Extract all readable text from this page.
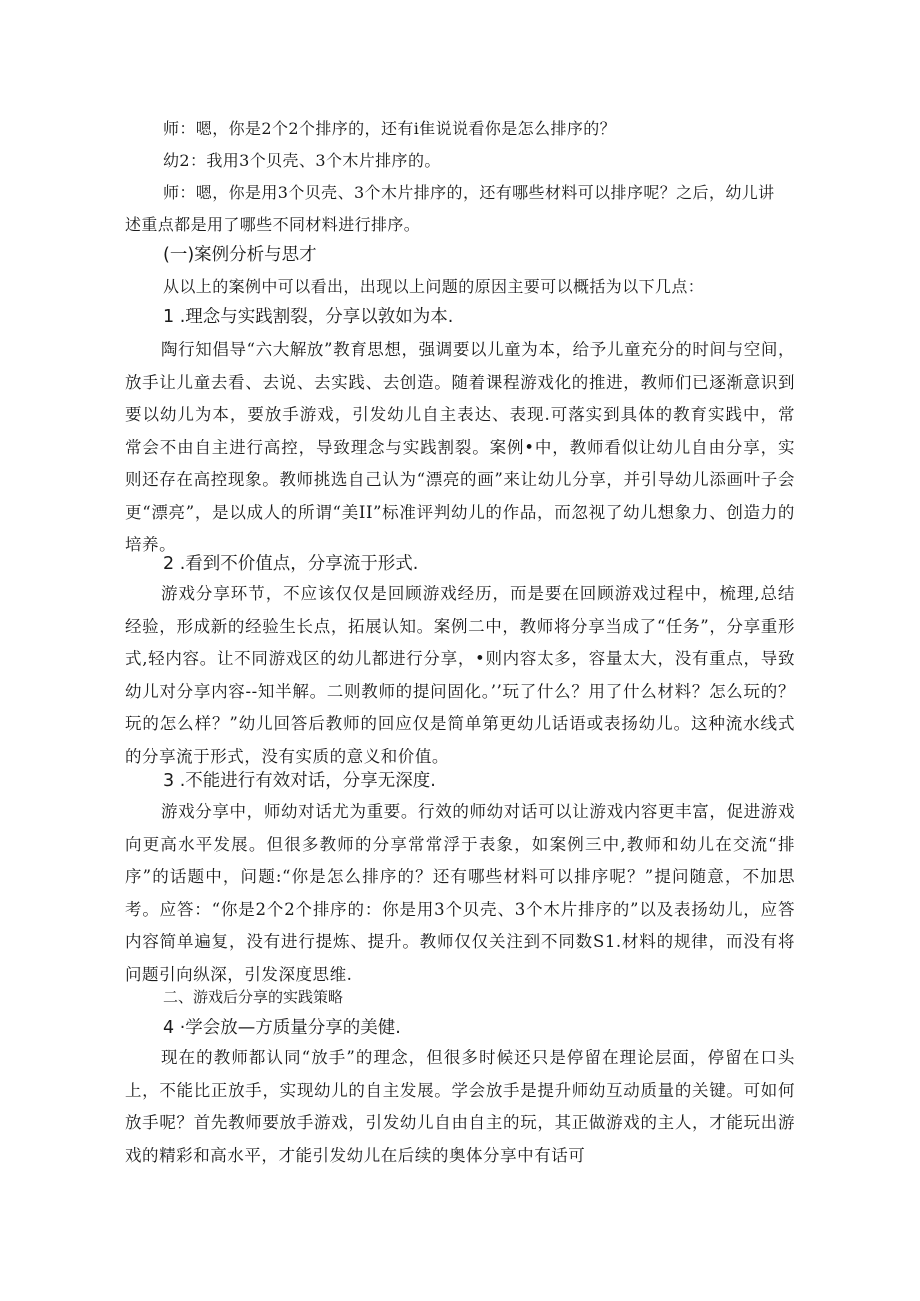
师：嗯，你是2个2个排序的，还有i隹说说看你是怎么排序的？

幼2：我用3个贝壳、3个木片排序的。

师：嗯，你是用3个贝壳、3个木片排序的，还有哪些材料可以排序呢？之后，幼儿讲

述重点都是用了哪些不同材料进行排序。

(一)案例分析与思才

从以上的案例中可以看出，出现以上问题的原因主要可以概括为以下几点：

1 .理念与实践割裂，分享以敦如为本.

陶行知倡导“六大解放”教育思想，强调要以儿童为本，给予儿童充分的时间与空间，放手让儿童去看、去说、去实践、去创造。随着课程游戏化的推进，教师们已逐渐意识到要以幼儿为本，要放手游戏，引发幼儿自主表达、表现.可落实到具体的教育实践中，常常会不由自主进行高控，导致理念与实践割裂。案例•中，教师看似让幼儿自由分享，实则还存在高控现象。教师挑选自己认为“漂亮的画”来让幼儿分享，并引导幼儿添画叶子会更“漂亮”，是以成人的所谓“美II”标准评判幼儿的作品，而忽视了幼儿想象力、创造力的培养。

2 .看到不价值点，分享流于形式.

游戏分享环节，不应该仅仅是回顾游戏经历，而是要在回顾游戏过程中，梳理,总结经验，形成新的经验生长点，拓展认知。案例二中，教师将分享当成了“任务”，分享重形式,轻内容。让不同游戏区的幼儿都进行分享，•则内容太多，容量太大，没有重点，导致幼儿对分享内容--知半解。二则教师的提问固化。’’玩了什么？用了什么材料？怎么玩的？玩的怎么样？”幼儿回答后教师的回应仅是简单第更幼儿话语或表扬幼儿。这种流水线式的分享流于形式，没有实质的意义和价值。

3 .不能进行有效对话，分享无深度.

游戏分享中，师幼对话尤为重要。行效的师幼对话可以让游戏内容更丰富，促进游戏向更高水平发展。但很多教师的分享常常浮于表象，如案例三中,教师和幼儿在交流“排序”的话题中，问题:“你是怎么排序的？还有哪些材料可以排序呢？”提问随意，不加思考。应答：“你是2个2个排序的：你是用3个贝壳、3个木片排序的”以及表扬幼儿，应答内容简单遍复，没有进行提炼、提升。教师仅仅关注到不同数S1.材料的规律，而没有将问题引向纵深，引发深度思维.

二、游戏后分享的实践策略

4 ·学会放—方质量分享的美健.

现在的教师都认同“放手”的理念，但很多时候还只是停留在理论层面，停留在口头上，不能比正放手，实现幼儿的自主发展。学会放手是提升师幼互动质量的关键。可如何放手呢？首先教师要放手游戏，引发幼儿自由自主的玩，其正做游戏的主人，才能玩出游戏的精彩和高水平，才能引发幼儿在后续的奥体分享中有话可
